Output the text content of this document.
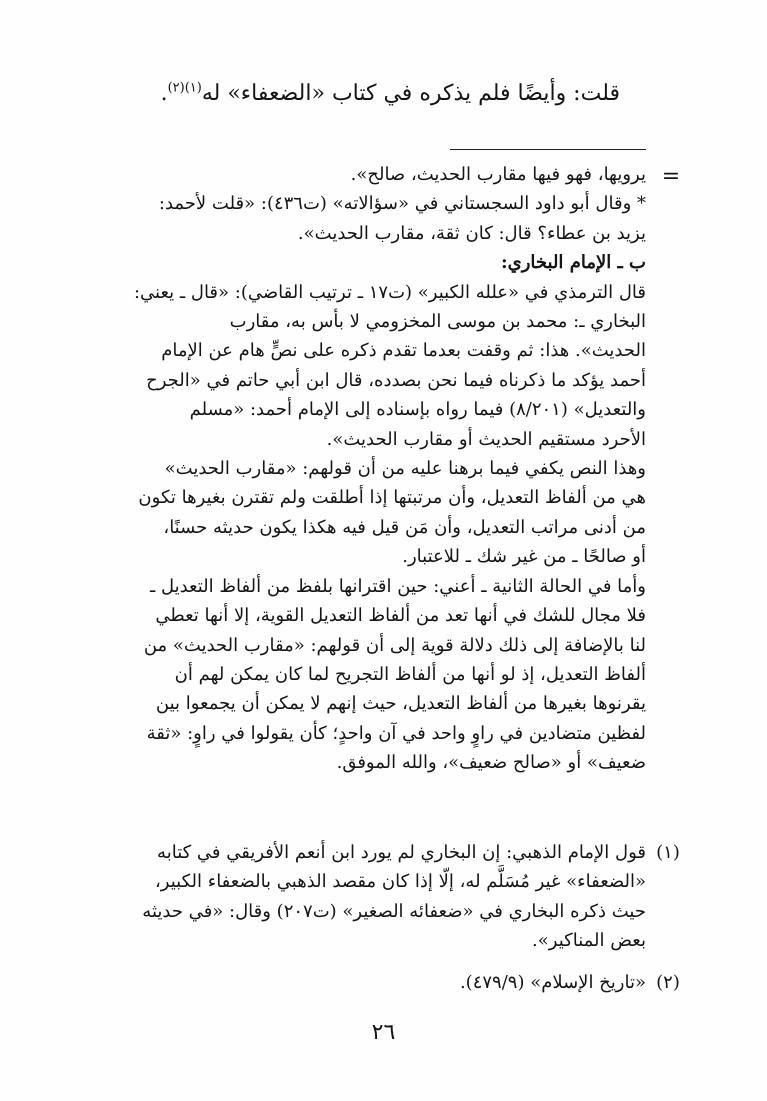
قلت: وأيضًا فلم يذكره في كتاب «الضعفاء» له$^{(١)(٢)}$.
=

يرويها، فهو فيها مقارب الحديث، صالح».

* وقال أبو داود السجستاني في «سؤالاته» (ت٤٣٦): «قلت لأحمد:

يزيد بن عطاء؟ قال: كان ثقة، مقارب الحديث».

ب ـ الإمام البخاري:

قال الترمذي في «علله الكبير» (ت١٧ ـ ترتيب القاضي): «قال ـ يعني:

البخاري ـ: محمد بن موسى المخزومي لا بأس به، مقارب

الحديث». هذا: ثم وقفت بعدما تقدم ذكره على نصٍّ هام عن الإمام

أحمد يؤكد ما ذكرناه فيما نحن بصدده، قال ابن أبي حاتم في «الجرح

والتعديل» (٨/٢٠١) فيما رواه بإسناده إلى الإمام أحمد: «مسلم

الأحرد مستقيم الحديث أو مقارب الحديث».

وهذا النص يكفي فيما برهنا عليه من أن قولهم: «مقارب الحديث»

هي من ألفاظ التعديل، وأن مرتبتها إذا أطلقت ولم تقترن بغيرها تكون

من أدنى مراتب التعديل، وأن مَن قيل فيه هكذا يكون حديثه حسنًا،

أو صالحًا ـ من غير شك ـ للاعتبار.

وأما في الحالة الثانية ـ أعني: حين اقترانها بلفظ من ألفاظ التعديل ـ

فلا مجال للشك في أنها تعد من ألفاظ التعديل القوية، إلا أنها تعطي

لنا بالإضافة إلى ذلك دلالة قوية إلى أن قولهم: «مقارب الحديث» من

ألفاظ التعديل، إذ لو أنها من ألفاظ التجريح لما كان يمكن لهم أن

يقرنوها بغيرها من ألفاظ التعديل، حيث إنهم لا يمكن أن يجمعوا بين

لفظين متضادين في راوٍ واحد في آن واحدٍ؛ كأن يقولوا في راوٍ: «ثقة

ضعيف» أو «صالح ضعيف»، والله الموفق.

(١)

قول الإمام الذهبي: إن البخاري لم يورد ابن أنعم الأفريقي في كتابه

«الضعفاء» غير مُسَلَّم له، إلّا إذا كان مقصد الذهبي بالضعفاء الكبير،

حيث ذكره البخاري في «ضعفائه الصغير» (ت٢٠٧) وقال: «في حديثه

بعض المناكير».

(٢)

«تاريخ الإسلام» (٤٧٩/٩).

٢٦
